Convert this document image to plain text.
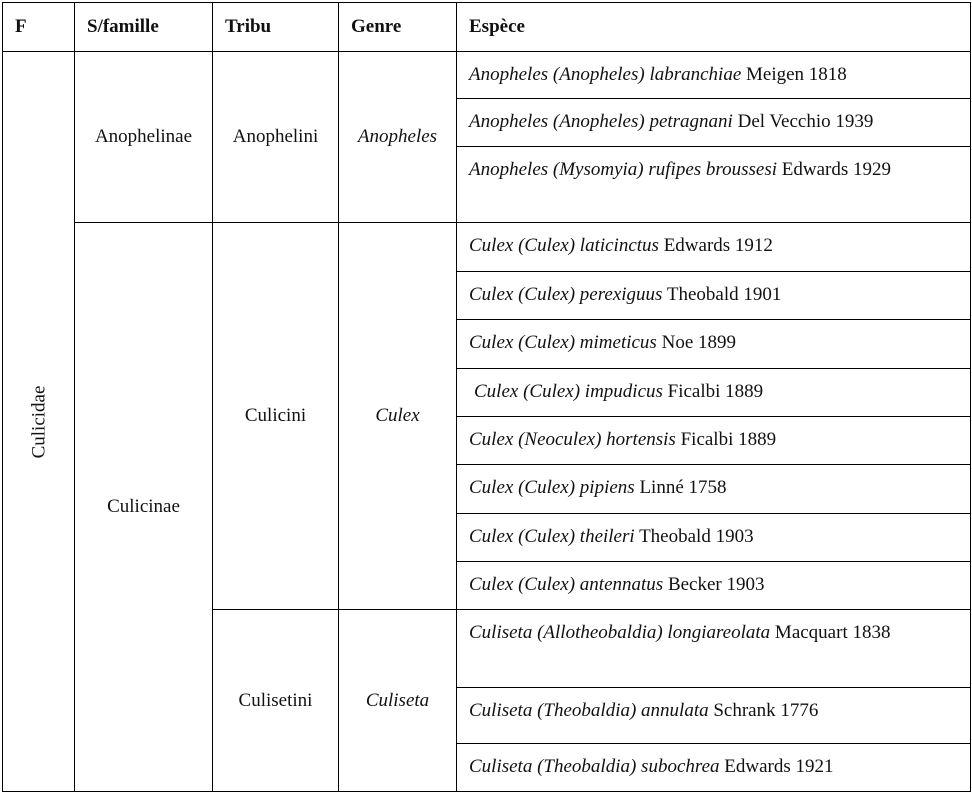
F	S/famille	Tribu	Genre	Espèce
Culicidae	Anophelinae	Anophelini	Anopheles	Anopheles (Anopheles) labranchiae Meigen 1818
				Anopheles (Anopheles) petragnani Del Vecchio 1939
				Anopheles (Mysomyia) rufipes broussesi Edwards 1929
	Culicinae	Culicini	Culex	Culex (Culex) laticinctus Edwards 1912
				Culex (Culex) perexiguus Theobald 1901
				Culex (Culex) mimeticus Noe 1899
				Culex (Culex) impudicus Ficalbi 1889
				Culex (Neoculex) hortensis Ficalbi 1889
				Culex (Culex) pipiens Linné 1758
				Culex (Culex) theileri Theobald 1903
				Culex (Culex) antennatus Becker 1903
		Culisetini	Culiseta	Culiseta (Allotheobaldia) longiareolata Macquart 1838
				Culiseta (Theobaldia) annulata Schrank 1776
				Culiseta (Theobaldia) subochrea Edwards 1921
